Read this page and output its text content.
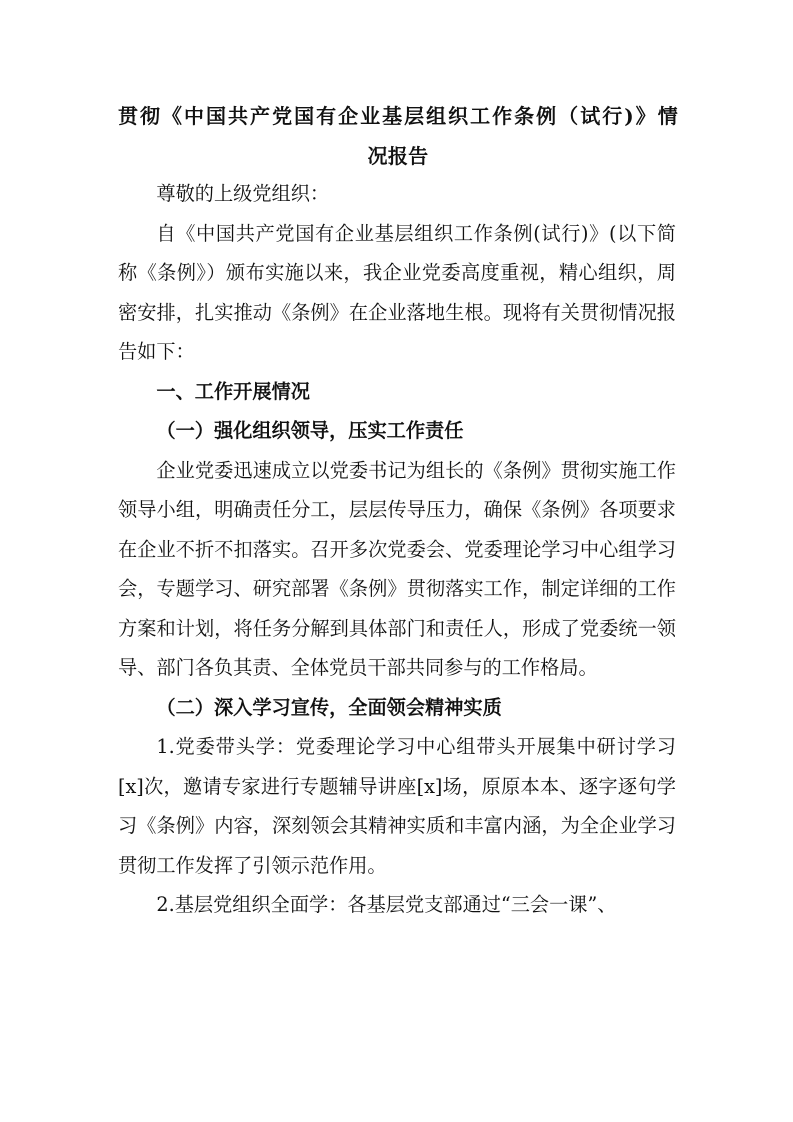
贯彻《中国共产党国有企业基层组织工作条例（试行)》情
况报告

尊敬的上级党组织：

自《中国共产党国有企业基层组织工作条例(试行)》(以下简称《条例》）颁布实施以来，我企业党委高度重视，精心组织，周密安排，扎实推动《条例》在企业落地生根。现将有关贯彻情况报告如下：

一、工作开展情况

（一）强化组织领导，压实工作责任

企业党委迅速成立以党委书记为组长的《条例》贯彻实施工作领导小组，明确责任分工，层层传导压力，确保《条例》各项要求在企业不折不扣落实。召开多次党委会、党委理论学习中心组学习会，专题学习、研究部署《条例》贯彻落实工作，制定详细的工作方案和计划，将任务分解到具体部门和责任人，形成了党委统一领导、部门各负其责、全体党员干部共同参与的工作格局。

（二）深入学习宣传，全面领会精神实质

1.党委带头学：党委理论学习中心组带头开展集中研讨学习[x]次，邀请专家进行专题辅导讲座[x]场，原原本本、逐字逐句学习《条例》内容，深刻领会其精神实质和丰富内涵，为全企业学习贯彻工作发挥了引领示范作用。

2.基层党组织全面学：各基层党支部通过“三会一课”、
